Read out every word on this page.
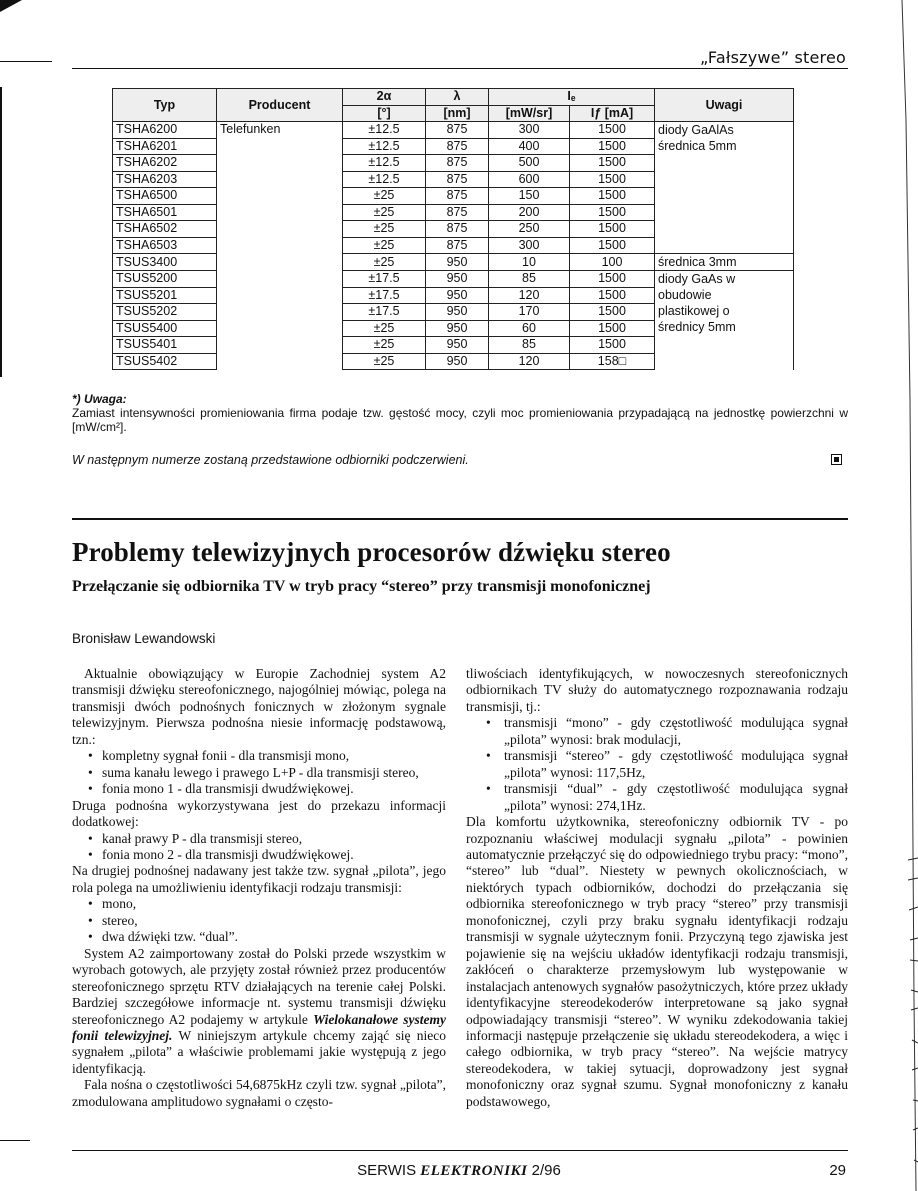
„Fałszywe” stereo
Typ	Producent	2α	λ	Iₑ		Uwagi
		[°]	[nm]	[mW/sr]	Iƒ [mA]	
TSHA6200	Telefunken	±12.5	875	300	1500	diody GaAlAs
średnica 5mm

TSHA6201		±12.5	875	400	1500	
TSHA6202		±12.5	875	500	1500	
TSHA6203		±12.5	875	600	1500	
TSHA6500		±25	875	150	1500	
TSHA6501		±25	875	200	1500	
TSHA6502		±25	875	250	1500	
TSHA6503		±25	875	300	1500	
TSUS3400		±25	950	10	100	średnica 3mm

TSUS5200		±17.5	950	85	1500	diody GaAs w
obudowie
plastikowej o
średnicy 5mm

TSUS5201		±17.5	950	120	1500	
TSUS5202		±17.5	950	170	1500	
TSUS5400		±25	950	60	1500	
TSUS5401		±25	950	85	1500	
TSUS5402		±25	950	120	158□	
*) Uwaga:
Zamiast intensywności promieniowania firma podaje tzw. gęstość mocy, czyli moc promieniowania przypadającą na jednostkę powierzchni w [mW/cm²].
W następnym numerze zostaną przedstawione odbiorniki podczerwieni.
Problemy telewizyjnych procesorów dźwięku stereo
Przełączanie się odbiornika TV w tryb pracy “stereo” przy transmisji monofonicznej
Bronisław Lewandowski

Aktualnie obowiązujący w Europie Zachodniej system A2 transmisji dźwięku stereofonicznego, najogólniej mówiąc, polega na transmisji dwóch podnośnych fonicznych w złożonym sygnale telewizyjnym. Pierwsza podnośna niesie informację podstawową, tzn.:

• kompletny sygnał fonii - dla transmisji mono,
• suma kanału lewego i prawego L+P - dla transmisji stereo,
• fonia mono 1 - dla transmisji dwudźwiękowej.

Druga podnośna wykorzystywana jest do przekazu informacji dodatkowej:

• kanał prawy P - dla transmisji stereo,
• fonia mono 2 - dla transmisji dwudźwiękowej.

Na drugiej podnośnej nadawany jest także tzw. sygnał „pilota”, jego rola polega na umożliwieniu identyfikacji rodzaju transmisji:

• mono,
• stereo,
• dwa dźwięki tzw. “dual”.

System A2 zaimportowany został do Polski przede wszystkim w wyrobach gotowych, ale przyjęty został również przez producentów stereofonicznego sprzętu RTV działających na terenie całej Polski. Bardziej szczegółowe informacje nt. systemu transmisji dźwięku stereofonicznego A2 podajemy w artykule Wielokanałowe systemy fonii telewizyjnej. W niniejszym artykule chcemy zająć się nieco sygnałem „pilota” a właściwie problemami jakie występują z jego identyfikacją.

Fala nośna o częstotliwości 54,6875kHz czyli tzw. sygnał „pilota”, zmodulowana amplitudowo sygnałami o często-

tliwościach identyfikujących, w nowoczesnych stereofonicznych odbiornikach TV służy do automatycznego rozpoznawania rodzaju transmisji, tj.:

• transmisji “mono” - gdy częstotliwość modulująca sygnał „pilota” wynosi: brak modulacji,
• transmisji “stereo” - gdy częstotliwość modulująca sygnał „pilota” wynosi: 117,5Hz,
• transmisji “dual” - gdy częstotliwość modulująca sygnał „pilota” wynosi: 274,1Hz.

Dla komfortu użytkownika, stereofoniczny odbiornik TV - po rozpoznaniu właściwej modulacji sygnału „pilota” - powinien automatycznie przełączyć się do odpowiedniego trybu pracy: “mono”, “stereo” lub “dual”. Niestety w pewnych okolicznościach, w niektórych typach odbiorników, dochodzi do przełączania się odbiornika stereofonicznego w tryb pracy “stereo” przy transmisji monofonicznej, czyli przy braku sygnału identyfikacji rodzaju transmisji w sygnale użytecznym fonii. Przyczyną tego zjawiska jest pojawienie się na wejściu układów identyfikacji rodzaju transmisji, zakłóceń o charakterze przemysłowym lub występowanie w instalacjach antenowych sygnałów pasożytniczych, które przez układy identyfikacyjne stereodekoderów interpretowane są jako sygnał odpowiadający transmisji “stereo”. W wyniku zdekodowania takiej informacji następuje przełączenie się układu stereodekodera, a więc i całego odbiornika, w tryb pracy “stereo”. Na wejście matrycy stereodekodera, w takiej sytuacji, doprowadzony jest sygnał monofoniczny oraz sygnał szumu. Sygnał monofoniczny z kanału podstawowego,

SERWIS ELEKTRONIKI 2/96	29
